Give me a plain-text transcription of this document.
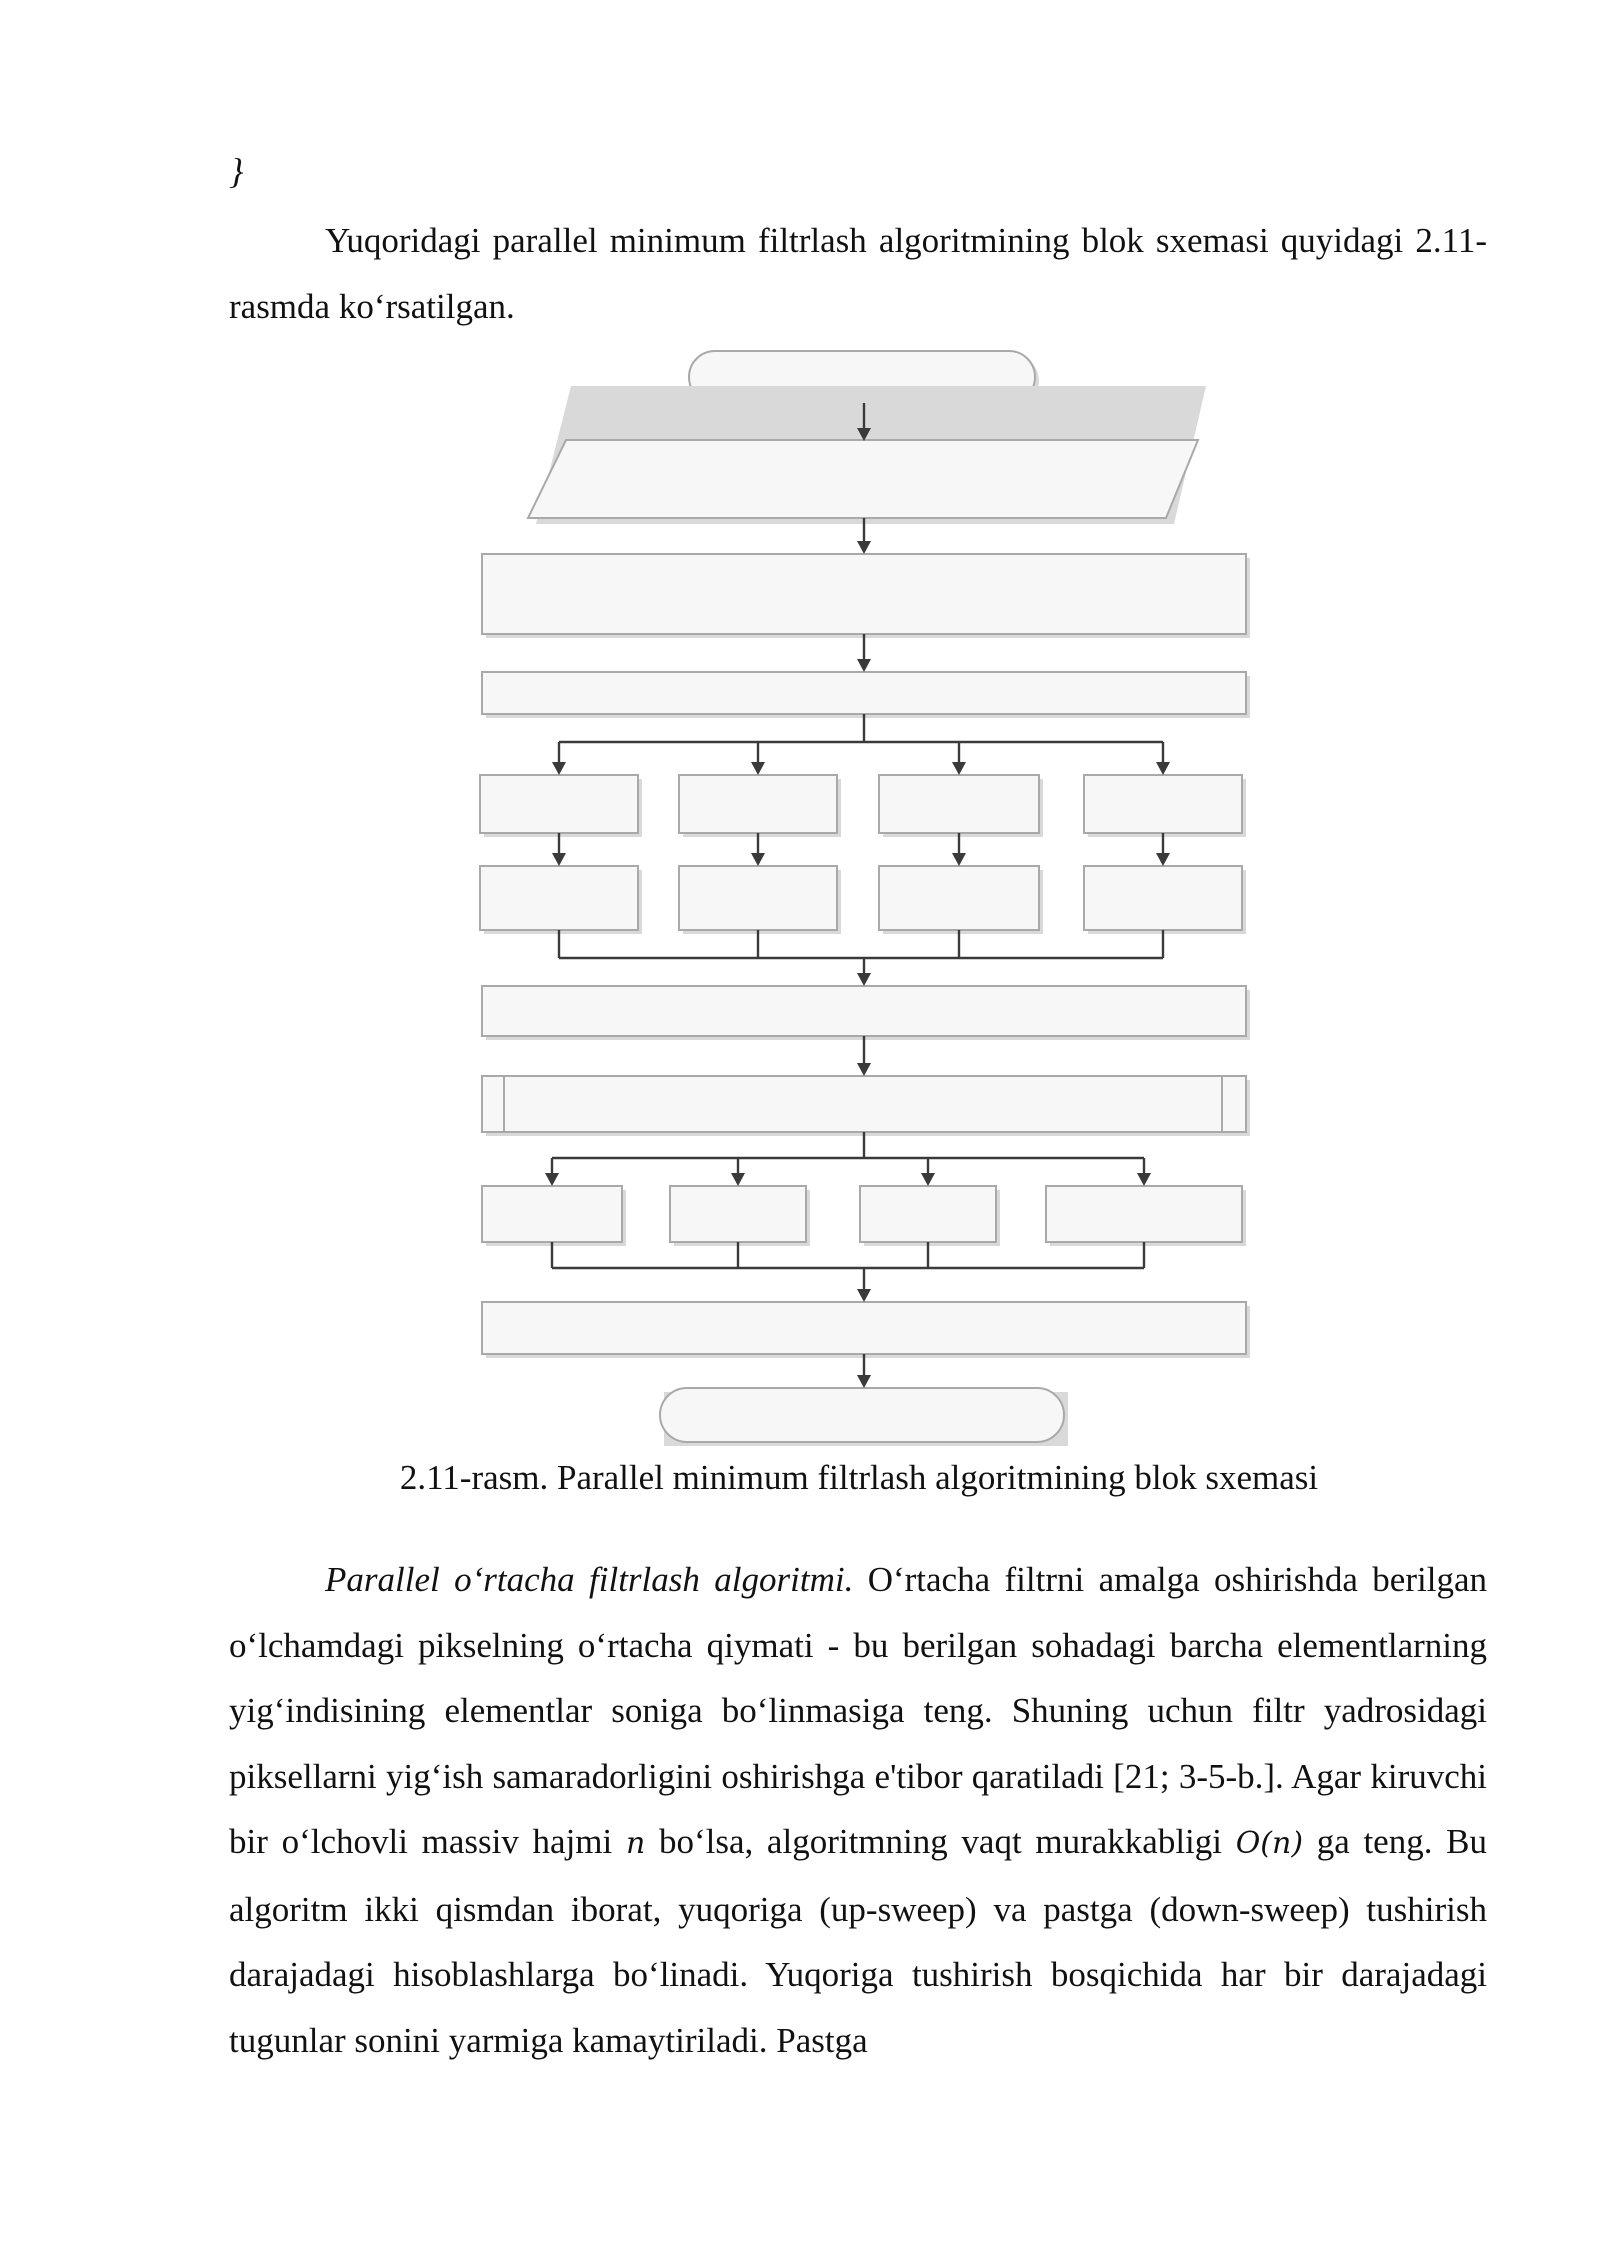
}

Yuqoridagi parallel minimum filtrlash algoritmining blok sxemasi quyidagi 2.11-rasmda ko‘rsatilgan.

2.11-rasm. Parallel minimum filtrlash algoritmining blok sxemasi

Parallel o‘rtacha filtrlash algoritmi. O‘rtacha filtrni amalga oshirishda berilgan o‘lchamdagi pikselning o‘rtacha qiymati - bu berilgan sohadagi barcha elementlarning yig‘indisining elementlar soniga bo‘linmasiga teng. Shuning uchun filtr yadrosidagi piksellarni yig‘ish samaradorligini oshirishga e'tibor qaratiladi [21; 3-5-b.]. Agar kiruvchi bir o‘lchovli massiv hajmi n bo‘lsa, algoritmning vaqt murakkabligi O(n) ga teng. Bu algoritm ikki qismdan iborat, yuqoriga (up-sweep) va pastga (down-sweep) tushirish darajadagi hisoblashlarga bo‘linadi. Yuqoriga tushirish bosqichida har bir darajadagi tugunlar sonini yarmiga kamaytiriladi. Pastga
